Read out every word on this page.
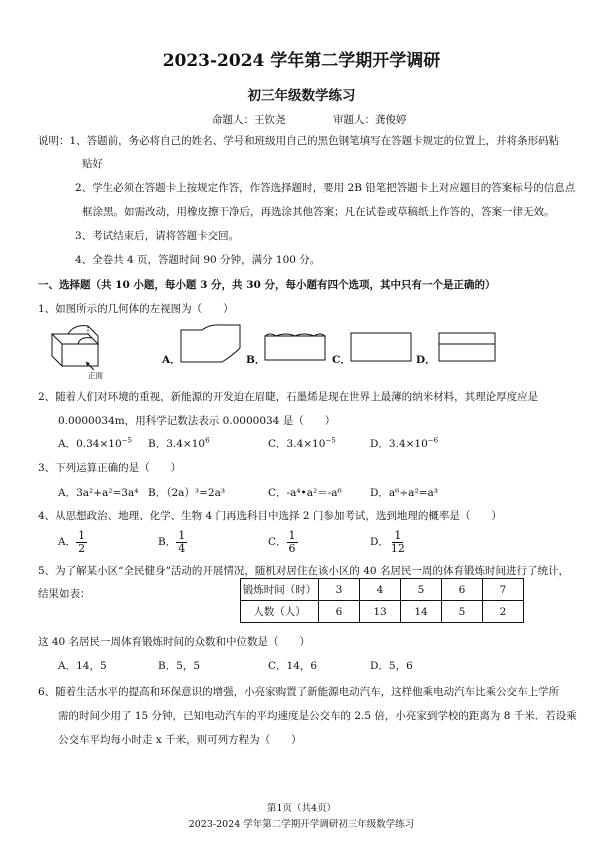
2023-2024 学年第二学期开学调研
初三年级数学练习
命题人：王钦尧	审题人：龚俊婷
说明：1、答题前，务必将自己的姓名、学号和班级用自己的黑色钢笔填写在答题卡规定的位置上，并将条形码粘
贴好
2、学生必须在答题卡上按规定作答，作答选择题时，要用 2B 铅笔把答题卡上对应题目的答案标号的信息点
框涂黑。如需改动，用橡皮擦干净后，再选涂其他答案；凡在试卷或草稿纸上作答的，答案一律无效。
3、考试结束后，请将答题卡交回。
4、全卷共 4 页，答题时间 90 分钟，满分 100 分。
一、选择题（共 10 小题，每小题 3 分，共 30 分，每小题有四个选项，其中只有一个是正确的）
1、如图所示的几何体的左视图为（　　）
正面
A．	B．	C．	D．
2、随着人们对环境的重视，新能源的开发迫在眉睫，石墨烯是现在世界上最薄的纳米材料，其理论厚度应是
0.0000034m，用科学记数法表示 0.0000034 是（　　）
A．$0.34\times 10^{-5}$ B．$3.4\times 10^6$	C．$3.4\times 10^{-5}$	D．$3.4\times 10^{-6}$
3、下列运算正确的是（　　）
A．3a²+a²=3a⁴ B．（2a）³=2a³	C．-a⁴•a²＝-a⁶	D．a⁶÷a²=a³
4、从思想政治、地理、化学、生物 4 门再选科目中选择 2 门参加考试，选到地理的概率是（　　）
A． $\frac{1}{2}$	B． $\frac{1}{4}$	C． $\frac{1}{6}$	D． $\frac{1}{12}$
5、为了解某小区“全民健身”活动的开展情况，随机对居住在该小区的 40 名居民一周的体育锻炼时间进行了统计，
结果如表：	锻炼时间（时）	3	4	5	6	7
人数（人）	6	13	14	5	2
这 40 名居民一周体育锻炼时间的众数和中位数是（　　）
A．14，5	B．5，5	C．14，6	D．5，6
6、随着生活水平的提高和环保意识的增强，小亮家购置了新能源电动汽车，这样他乘电动汽车比乘公交车上学所
需的时间少用了 15 分钟，已知电动汽车的平均速度是公交车的 2.5 倍，小亮家到学校的距离为 8 千米．若设乘
公交车平均每小时走 x 千米，则可列方程为（　　）
第1页（共4页）
2023-2024 学年第二学期开学调研初三年级数学练习
